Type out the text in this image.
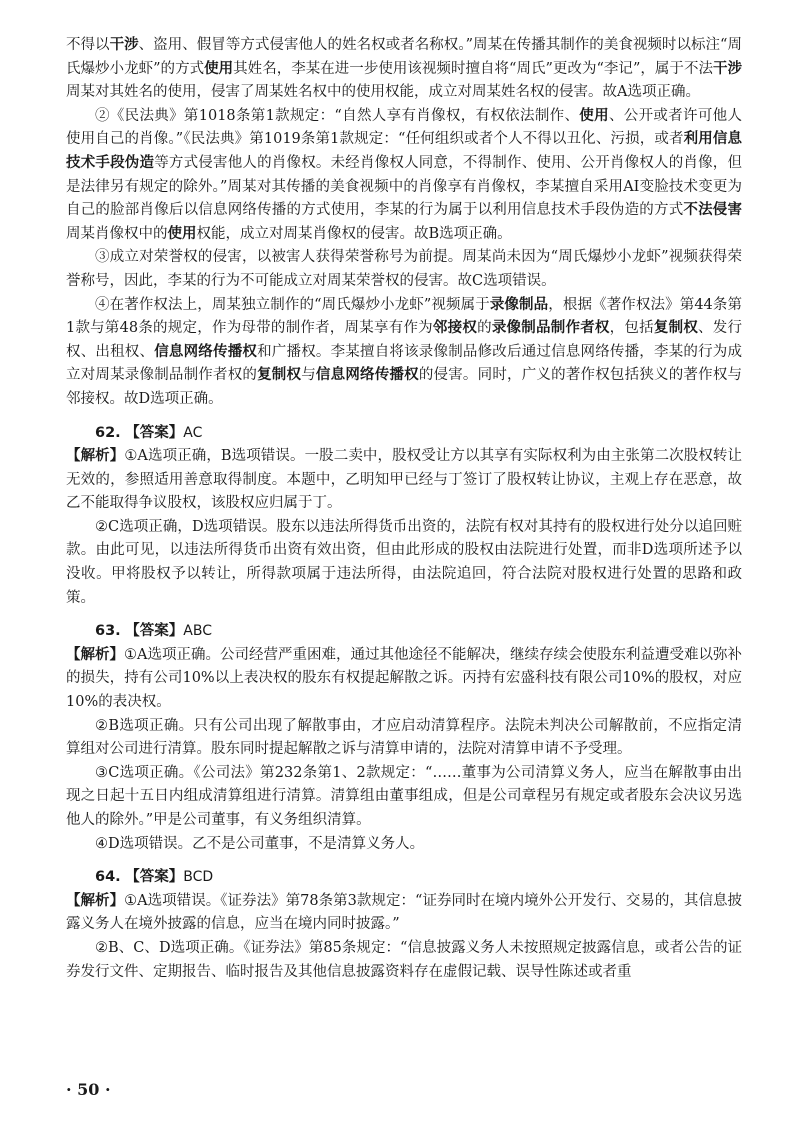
不得以干涉、盗用、假冒等方式侵害他人的姓名权或者名称权。”周某在传播其制作的美食视频时以标注“周氏爆炒小龙虾”的方式使用其姓名，李某在进一步使用该视频时擅自将“周氏”更改为“李记”，属于不法干涉周某对其姓名的使用，侵害了周某姓名权中的使用权能，成立对周某姓名权的侵害。故A选项正确。

②《民法典》第1018条第1款规定：“自然人享有肖像权，有权依法制作、使用、公开或者许可他人使用自己的肖像。”《民法典》第1019条第1款规定：“任何组织或者个人不得以丑化、污损，或者利用信息技术手段伪造等方式侵害他人的肖像权。未经肖像权人同意，不得制作、使用、公开肖像权人的肖像，但是法律另有规定的除外。”周某对其传播的美食视频中的肖像享有肖像权，李某擅自采用AI变脸技术变更为自己的脸部肖像后以信息网络传播的方式使用，李某的行为属于以利用信息技术手段伪造的方式不法侵害周某肖像权中的使用权能，成立对周某肖像权的侵害。故B选项正确。

③成立对荣誉权的侵害，以被害人获得荣誉称号为前提。周某尚未因为“周氏爆炒小龙虾”视频获得荣誉称号，因此，李某的行为不可能成立对周某荣誉权的侵害。故C选项错误。

④在著作权法上，周某独立制作的“周氏爆炒小龙虾”视频属于录像制品，根据《著作权法》第44条第1款与第48条的规定，作为母带的制作者，周某享有作为邻接权的录像制品制作者权，包括复制权、发行权、出租权、信息网络传播权和广播权。李某擅自将该录像制品修改后通过信息网络传播，李某的行为成立对周某录像制品制作者权的复制权与信息网络传播权的侵害。同时，广义的著作权包括狭义的著作权与邻接权。故D选项正确。

62. 【答案】AC

【解析】①A选项正确，B选项错误。一股二卖中，股权受让方以其享有实际权利为由主张第二次股权转让无效的，参照适用善意取得制度。本题中，乙明知甲已经与丁签订了股权转让协议，主观上存在恶意，故乙不能取得争议股权，该股权应归属于丁。

②C选项正确，D选项错误。股东以违法所得货币出资的，法院有权对其持有的股权进行处分以追回赃款。由此可见，以违法所得货币出资有效出资，但由此形成的股权由法院进行处置，而非D选项所述予以没收。甲将股权予以转让，所得款项属于违法所得，由法院追回，符合法院对股权进行处置的思路和政策。

63. 【答案】ABC

【解析】①A选项正确。公司经营严重困难，通过其他途径不能解决，继续存续会使股东利益遭受难以弥补的损失，持有公司10%以上表决权的股东有权提起解散之诉。丙持有宏盛科技有限公司10%的股权，对应10%的表决权。

②B选项正确。只有公司出现了解散事由，才应启动清算程序。法院未判决公司解散前，不应指定清算组对公司进行清算。股东同时提起解散之诉与清算申请的，法院对清算申请不予受理。

③C选项正确。《公司法》第232条第1、2款规定：“……董事为公司清算义务人，应当在解散事由出现之日起十五日内组成清算组进行清算。清算组由董事组成，但是公司章程另有规定或者股东会决议另选他人的除外。”甲是公司董事，有义务组织清算。

④D选项错误。乙不是公司董事，不是清算义务人。

64. 【答案】BCD

【解析】①A选项错误。《证券法》第78条第3款规定：“证券同时在境内境外公开发行、交易的，其信息披露义务人在境外披露的信息，应当在境内同时披露。”

②B、C、D选项正确。《证券法》第85条规定：“信息披露义务人未按照规定披露信息，或者公告的证券发行文件、定期报告、临时报告及其他信息披露资料存在虚假记载、误导性陈述或者重

· 50 ·
